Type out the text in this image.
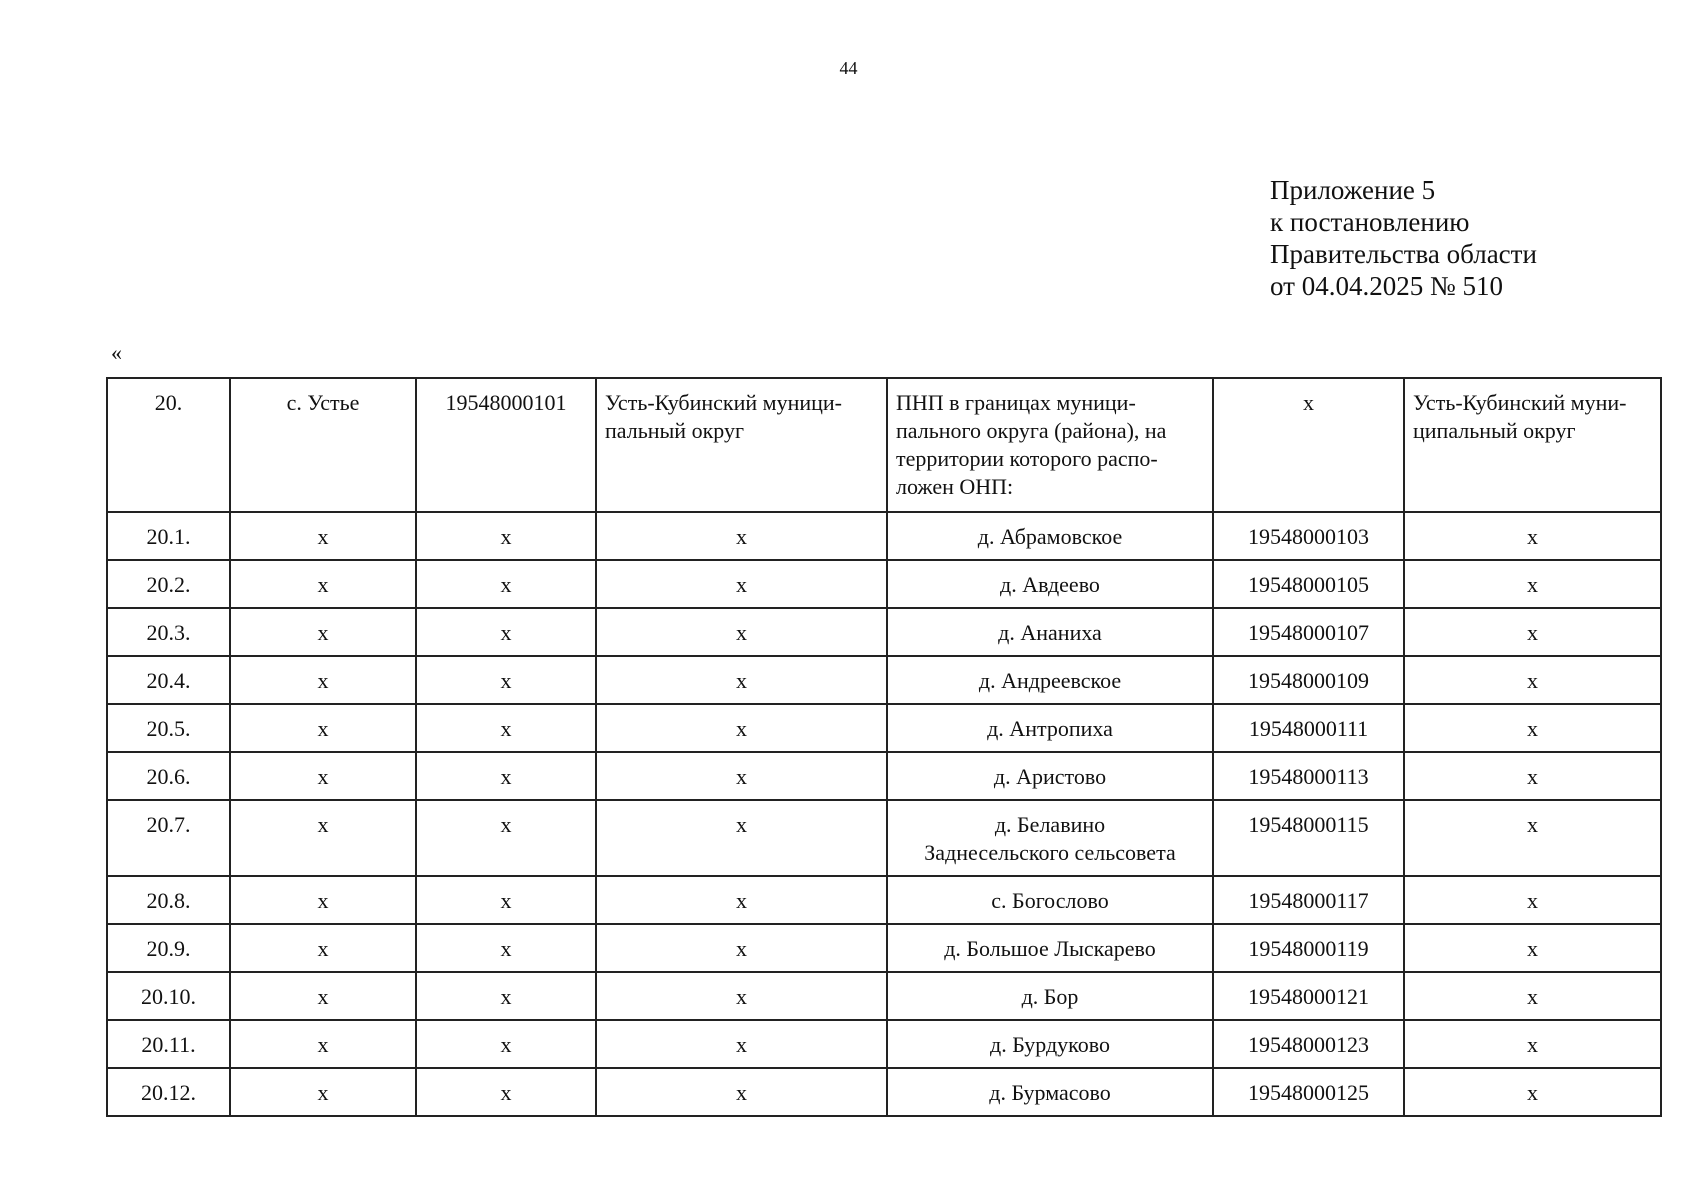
44
Приложение 5
к постановлению
Правительства области
от 04.04.2025 № 510
«
20.	с. Устье	19548000101	Усть-Кубинский муници-
пальный округ	ПНП в границах муници-
пального округа (района), на
территории которого распо-
ложен ОНП:	х	Усть-Кубинский муни-
ципальный округ
20.1.	х	х	х	д. Абрамовское	19548000103	х
20.2.	х	х	х	д. Авдеево	19548000105	х
20.3.	х	х	х	д. Ананиха	19548000107	х
20.4.	х	х	х	д. Андреевское	19548000109	х
20.5.	х	х	х	д. Антропиха	19548000111	х
20.6.	х	х	х	д. Аристово	19548000113	х
20.7.	х	х	х	д. Белавино
Заднесельского сельсовета	19548000115	х
20.8.	х	х	х	с. Богослово	19548000117	х
20.9.	х	х	х	д. Большое Лыскарево	19548000119	х
20.10.	х	х	х	д. Бор	19548000121	х
20.11.	х	х	х	д. Бурдуково	19548000123	х
20.12.	х	х	х	д. Бурмасово	19548000125	х
